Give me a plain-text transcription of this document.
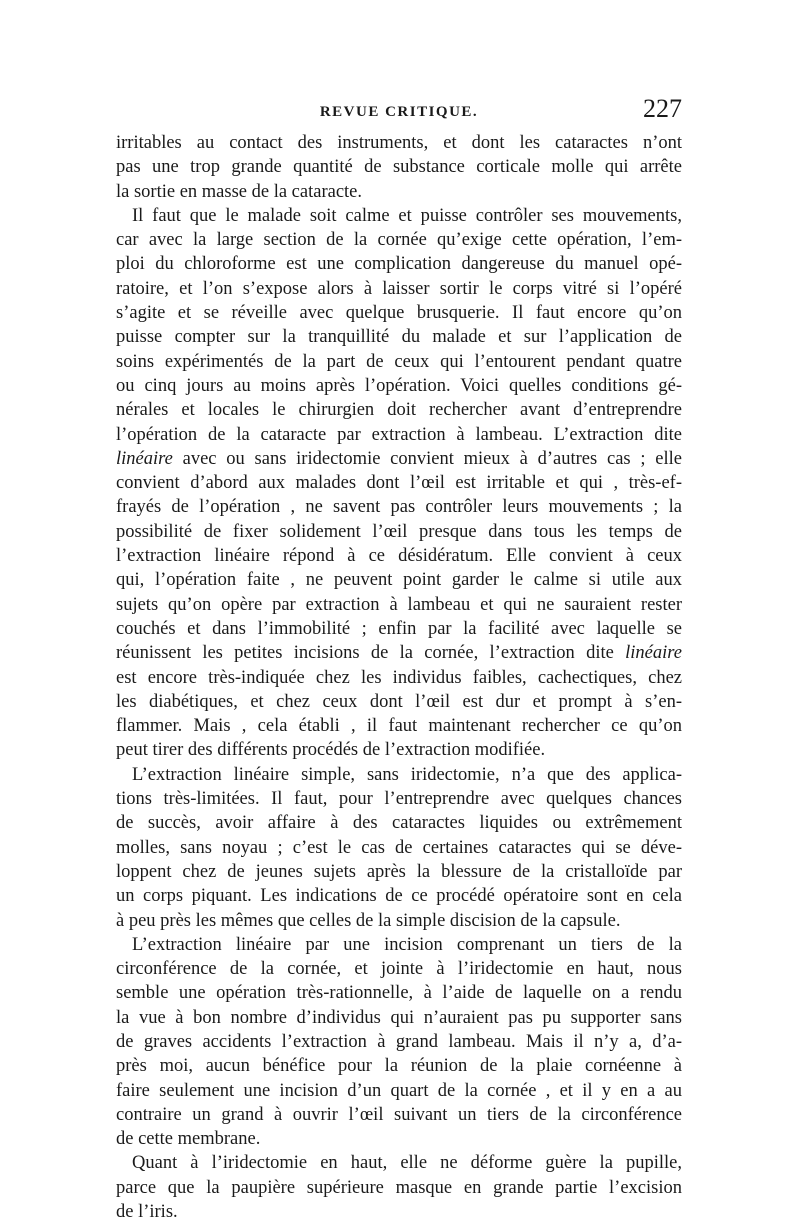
REVUE CRITIQUE.	227
irritables au contact des instruments, et dont les cataractes n’ont
pas une trop grande quantité de substance corticale molle qui arrête
la sortie en masse de la cataracte.
Il faut que le malade soit calme et puisse contrôler ses mouvements,
car avec la large section de la cornée qu’exige cette opération, l’em-
ploi du chloroforme est une complication dangereuse du manuel opé-
ratoire, et l’on s’expose alors à laisser sortir le corps vitré si l’opéré
s’agite et se réveille avec quelque brusquerie. Il faut encore qu’on
puisse compter sur la tranquillité du malade et sur l’application de
soins expérimentés de la part de ceux qui l’entourent pendant quatre
ou cinq jours au moins après l’opération. Voici quelles conditions gé-
nérales et locales le chirurgien doit rechercher avant d’entreprendre
l’opération de la cataracte par extraction à lambeau. L’extraction dite
linéaire avec ou sans iridectomie convient mieux à d’autres cas ; elle
convient d’abord aux malades dont l’œil est irritable et qui , très-ef-
frayés de l’opération , ne savent pas contrôler leurs mouvements ; la
possibilité de fixer solidement l’œil presque dans tous les temps de
l’extraction linéaire répond à ce désidératum. Elle convient à ceux
qui, l’opération faite , ne peuvent point garder le calme si utile aux
sujets qu’on opère par extraction à lambeau et qui ne sauraient rester
couchés et dans l’immobilité ; enfin par la facilité avec laquelle se
réunissent les petites incisions de la cornée, l’extraction dite linéaire
est encore très-indiquée chez les individus faibles, cachectiques, chez
les diabétiques, et chez ceux dont l’œil est dur et prompt à s’en-
flammer. Mais , cela établi , il faut maintenant rechercher ce qu’on
peut tirer des différents procédés de l’extraction modifiée.
L’extraction linéaire simple, sans iridectomie, n’a que des applica-
tions très-limitées. Il faut, pour l’entreprendre avec quelques chances
de succès, avoir affaire à des cataractes liquides ou extrêmement
molles, sans noyau ; c’est le cas de certaines cataractes qui se déve-
loppent chez de jeunes sujets après la blessure de la cristalloïde par
un corps piquant. Les indications de ce procédé opératoire sont en cela
à peu près les mêmes que celles de la simple discision de la capsule.
L’extraction linéaire par une incision comprenant un tiers de la
circonférence de la cornée, et jointe à l’iridectomie en haut, nous
semble une opération très-rationnelle, à l’aide de laquelle on a rendu
la vue à bon nombre d’individus qui n’auraient pas pu supporter sans
de graves accidents l’extraction à grand lambeau. Mais il n’y a, d’a-
près moi, aucun bénéfice pour la réunion de la plaie cornéenne à
faire seulement une incision d’un quart de la cornée , et il y en a au
contraire un grand à ouvrir l’œil suivant un tiers de la circonférence
de cette membrane.
Quant à l’iridectomie en haut, elle ne déforme guère la pupille,
parce que la paupière supérieure masque en grande partie l’excision
de l’iris.
